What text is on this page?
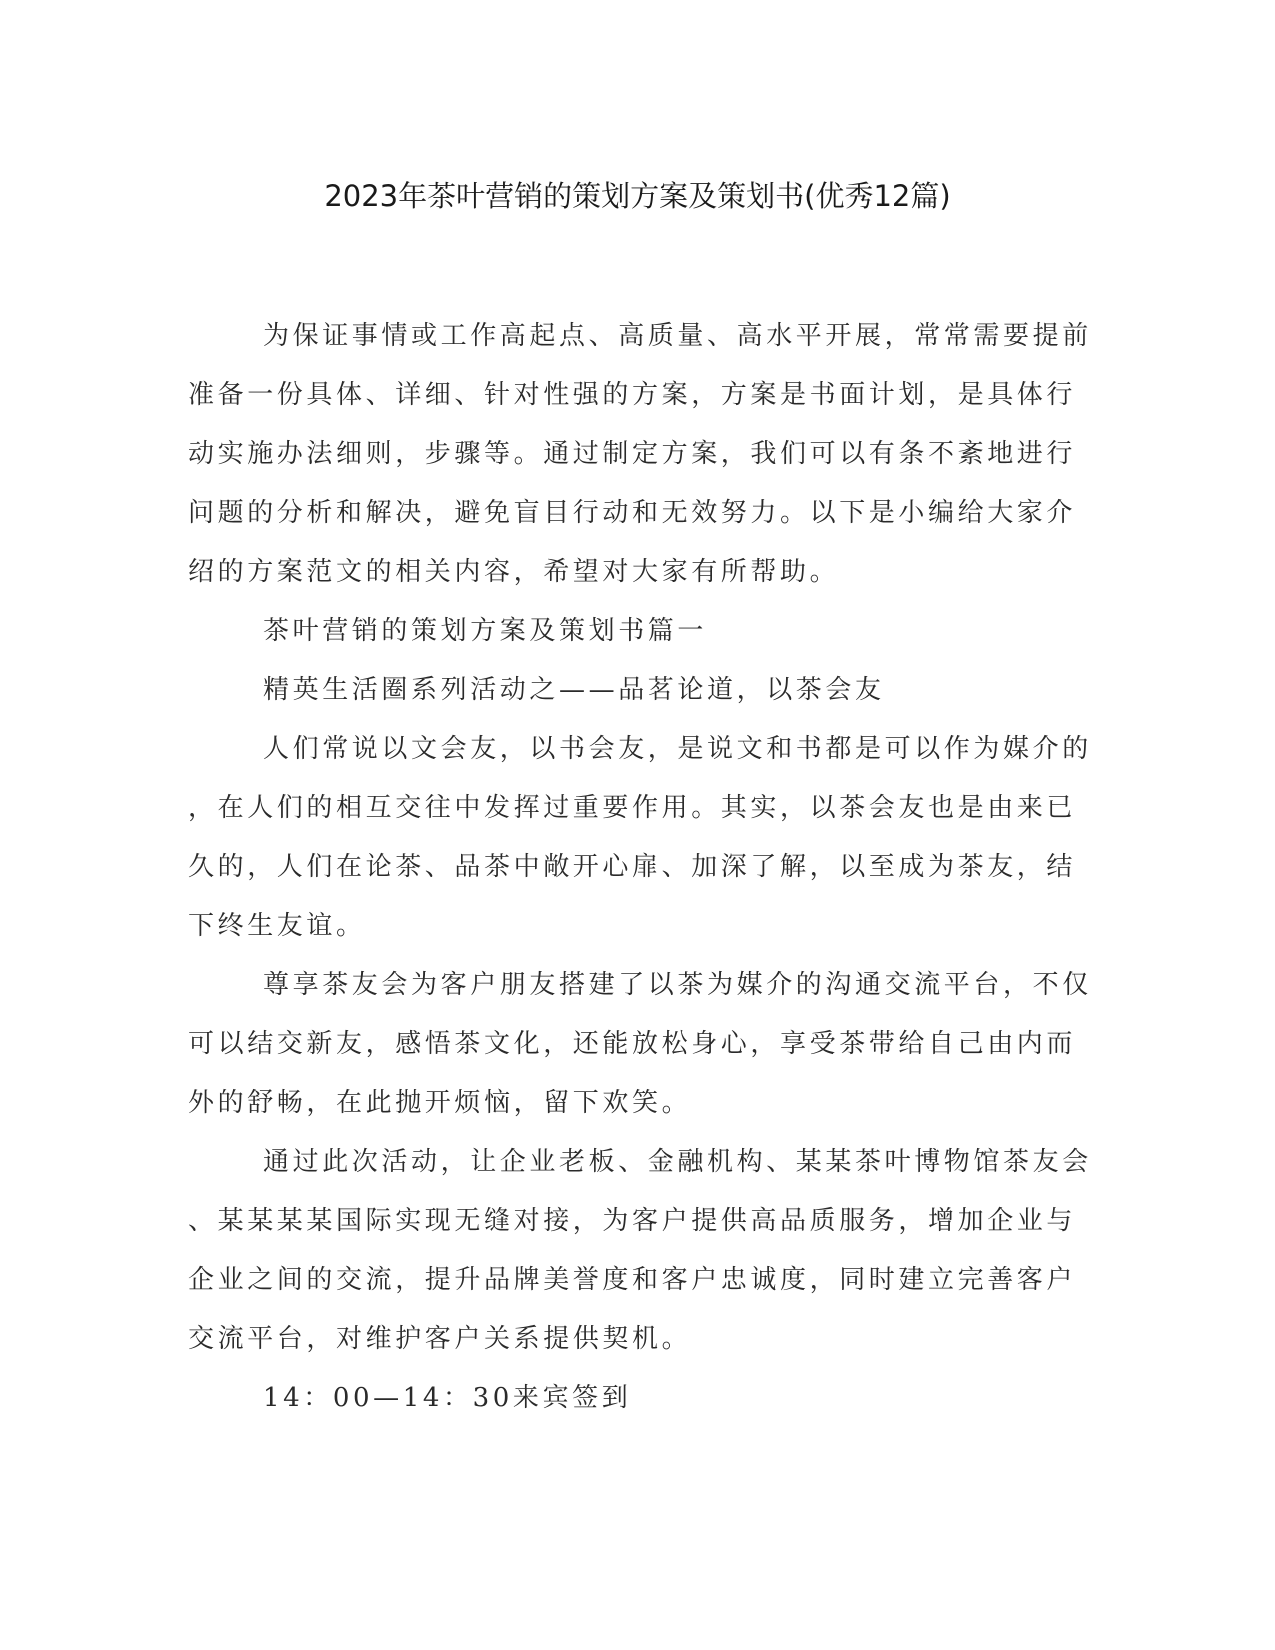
2023年茶叶营销的策划方案及策划书(优秀12篇)
为保证事情或工作高起点、高质量、高水平开展，常常需要提前
准备一份具体、详细、针对性强的方案，方案是书面计划，是具体行
动实施办法细则，步骤等。通过制定方案，我们可以有条不紊地进行
问题的分析和解决，避免盲目行动和无效努力。以下是小编给大家介
绍的方案范文的相关内容，希望对大家有所帮助。
茶叶营销的策划方案及策划书篇一
精英生活圈系列活动之——品茗论道，以茶会友
人们常说以文会友，以书会友，是说文和书都是可以作为媒介的
，在人们的相互交往中发挥过重要作用。其实，以茶会友也是由来已
久的，人们在论茶、品茶中敞开心扉、加深了解，以至成为茶友，结
下终生友谊。
尊享茶友会为客户朋友搭建了以茶为媒介的沟通交流平台，不仅
可以结交新友，感悟茶文化，还能放松身心，享受茶带给自己由内而
外的舒畅，在此抛开烦恼，留下欢笑。
通过此次活动，让企业老板、金融机构、某某茶叶博物馆茶友会
、某某某某国际实现无缝对接，为客户提供高品质服务，增加企业与
企业之间的交流，提升品牌美誉度和客户忠诚度，同时建立完善客户
交流平台，对维护客户关系提供契机。
14：00—14：30来宾签到
